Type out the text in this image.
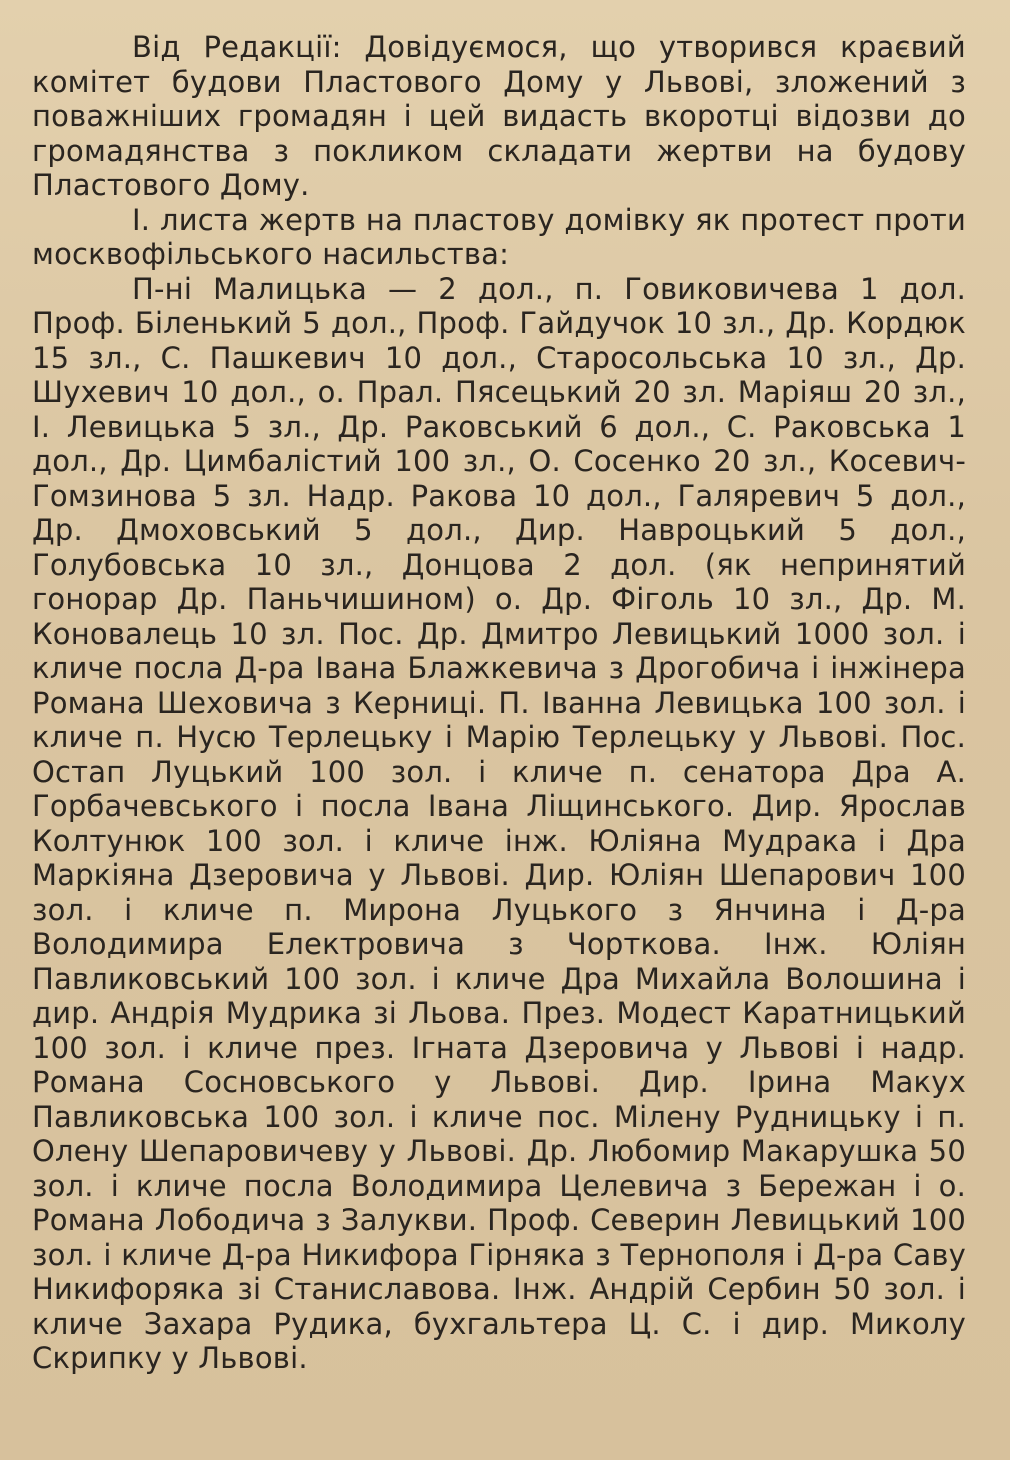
Від Редакції: Довідуємося, що утворився краєвий комітет будови Пластового Дому у Львові, зложений з поважніших громадян і цей видасть вкоротці відозви до громадянства з покликом складати жертви на будову Пластового Дому.

І. листа жертв на пластову домівку як протест проти москвофільського насильства:

П-ні Малицька — 2 дол., п. Говиковичева 1 дол. Проф. Біленький 5 дол., Проф. Гайдучок 10 зл., Др. Кордюк 15 зл., С. Пашкевич 10 дол., Старосольська 10 зл., Др. Шухевич 10 дол., о. Прал. Пясецький 20 зл. Маріяш 20 зл., І. Левицька 5 зл., Др. Раковський 6 дол., С. Раковська 1 дол., Др. Цимбалістий 100 зл., О. Сосенко 20 зл., Косевич-Гомзинова 5 зл. Надр. Ракова 10 дол., Галяревич 5 дол., Др. Дмоховський 5 дол., Дир. Навроцький 5 дол., Голубовська 10 зл., Донцова 2 дол. (як непринятий гонорар Др. Паньчишином) о. Др. Фіголь 10 зл., Др. М. Коновалець 10 зл. Пос. Др. Дмитро Левицький 1000 зол. і кличе посла Д-ра Івана Блажкевича з Дрогобича і інжінера Романа Шеховича з Керниці. П. Іванна Левицька 100 зол. і кличе п. Нусю Терлецьку і Марію Терлецьку у Львові. Пос. Остап Луцький 100 зол. і кличе п. сенатора Дра А. Горбачевського і посла Івана Ліщинського. Дир. Ярослав Колтунюк 100 зол. і кличе інж. Юліяна Мудрака і Дра Маркіяна Дзеровича у Львові. Дир. Юліян Шепарович 100 зол. і кличе п. Мирона Луцького з Янчина і Д-ра Володимира Електровича з Чорткова. Інж. Юліян Павликовський 100 зол. і кличе Дра Михайла Волошина і дир. Андрія Мудрика зі Льова. През. Модест Каратницький 100 зол. і кличе през. Ігната Дзеровича у Львові і надр. Романа Сосновського у Львові. Дир. Ірина Макух Павликовська 100 зол. і кличе пос. Мілену Рудницьку і п. Олену Шепаровичеву у Львові. Др. Любомир Макарушка 50 зол. і кличе посла Володимира Целевича з Бережан і о. Романа Лободича з Залукви. Проф. Северин Левицький 100 зол. і кличе Д-ра Никифора Гірняка з Тернополя і Д-ра Саву Никифоряка зі Станиславова. Інж. Андрій Сербин 50 зол. і кличе Захара Рудика, бухгальтера Ц. С. і дир. Миколу Скрипку у Львові.
